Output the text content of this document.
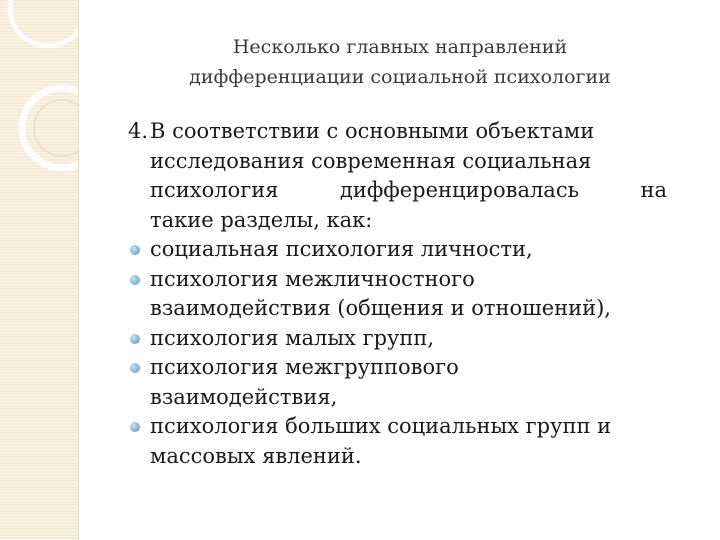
Несколько главных направлений
дифференциации социальной психологии
4. В соответствии с основными объектами
исследования современная социальная
психология дифференцировалась на
такие разделы, как:
социальная психология личности,
психология межличностного
взаимодействия (общения и отношений),
психология малых групп,
психология межгруппового
взаимодействия,
психология больших социальных групп и
массовых явлений.
